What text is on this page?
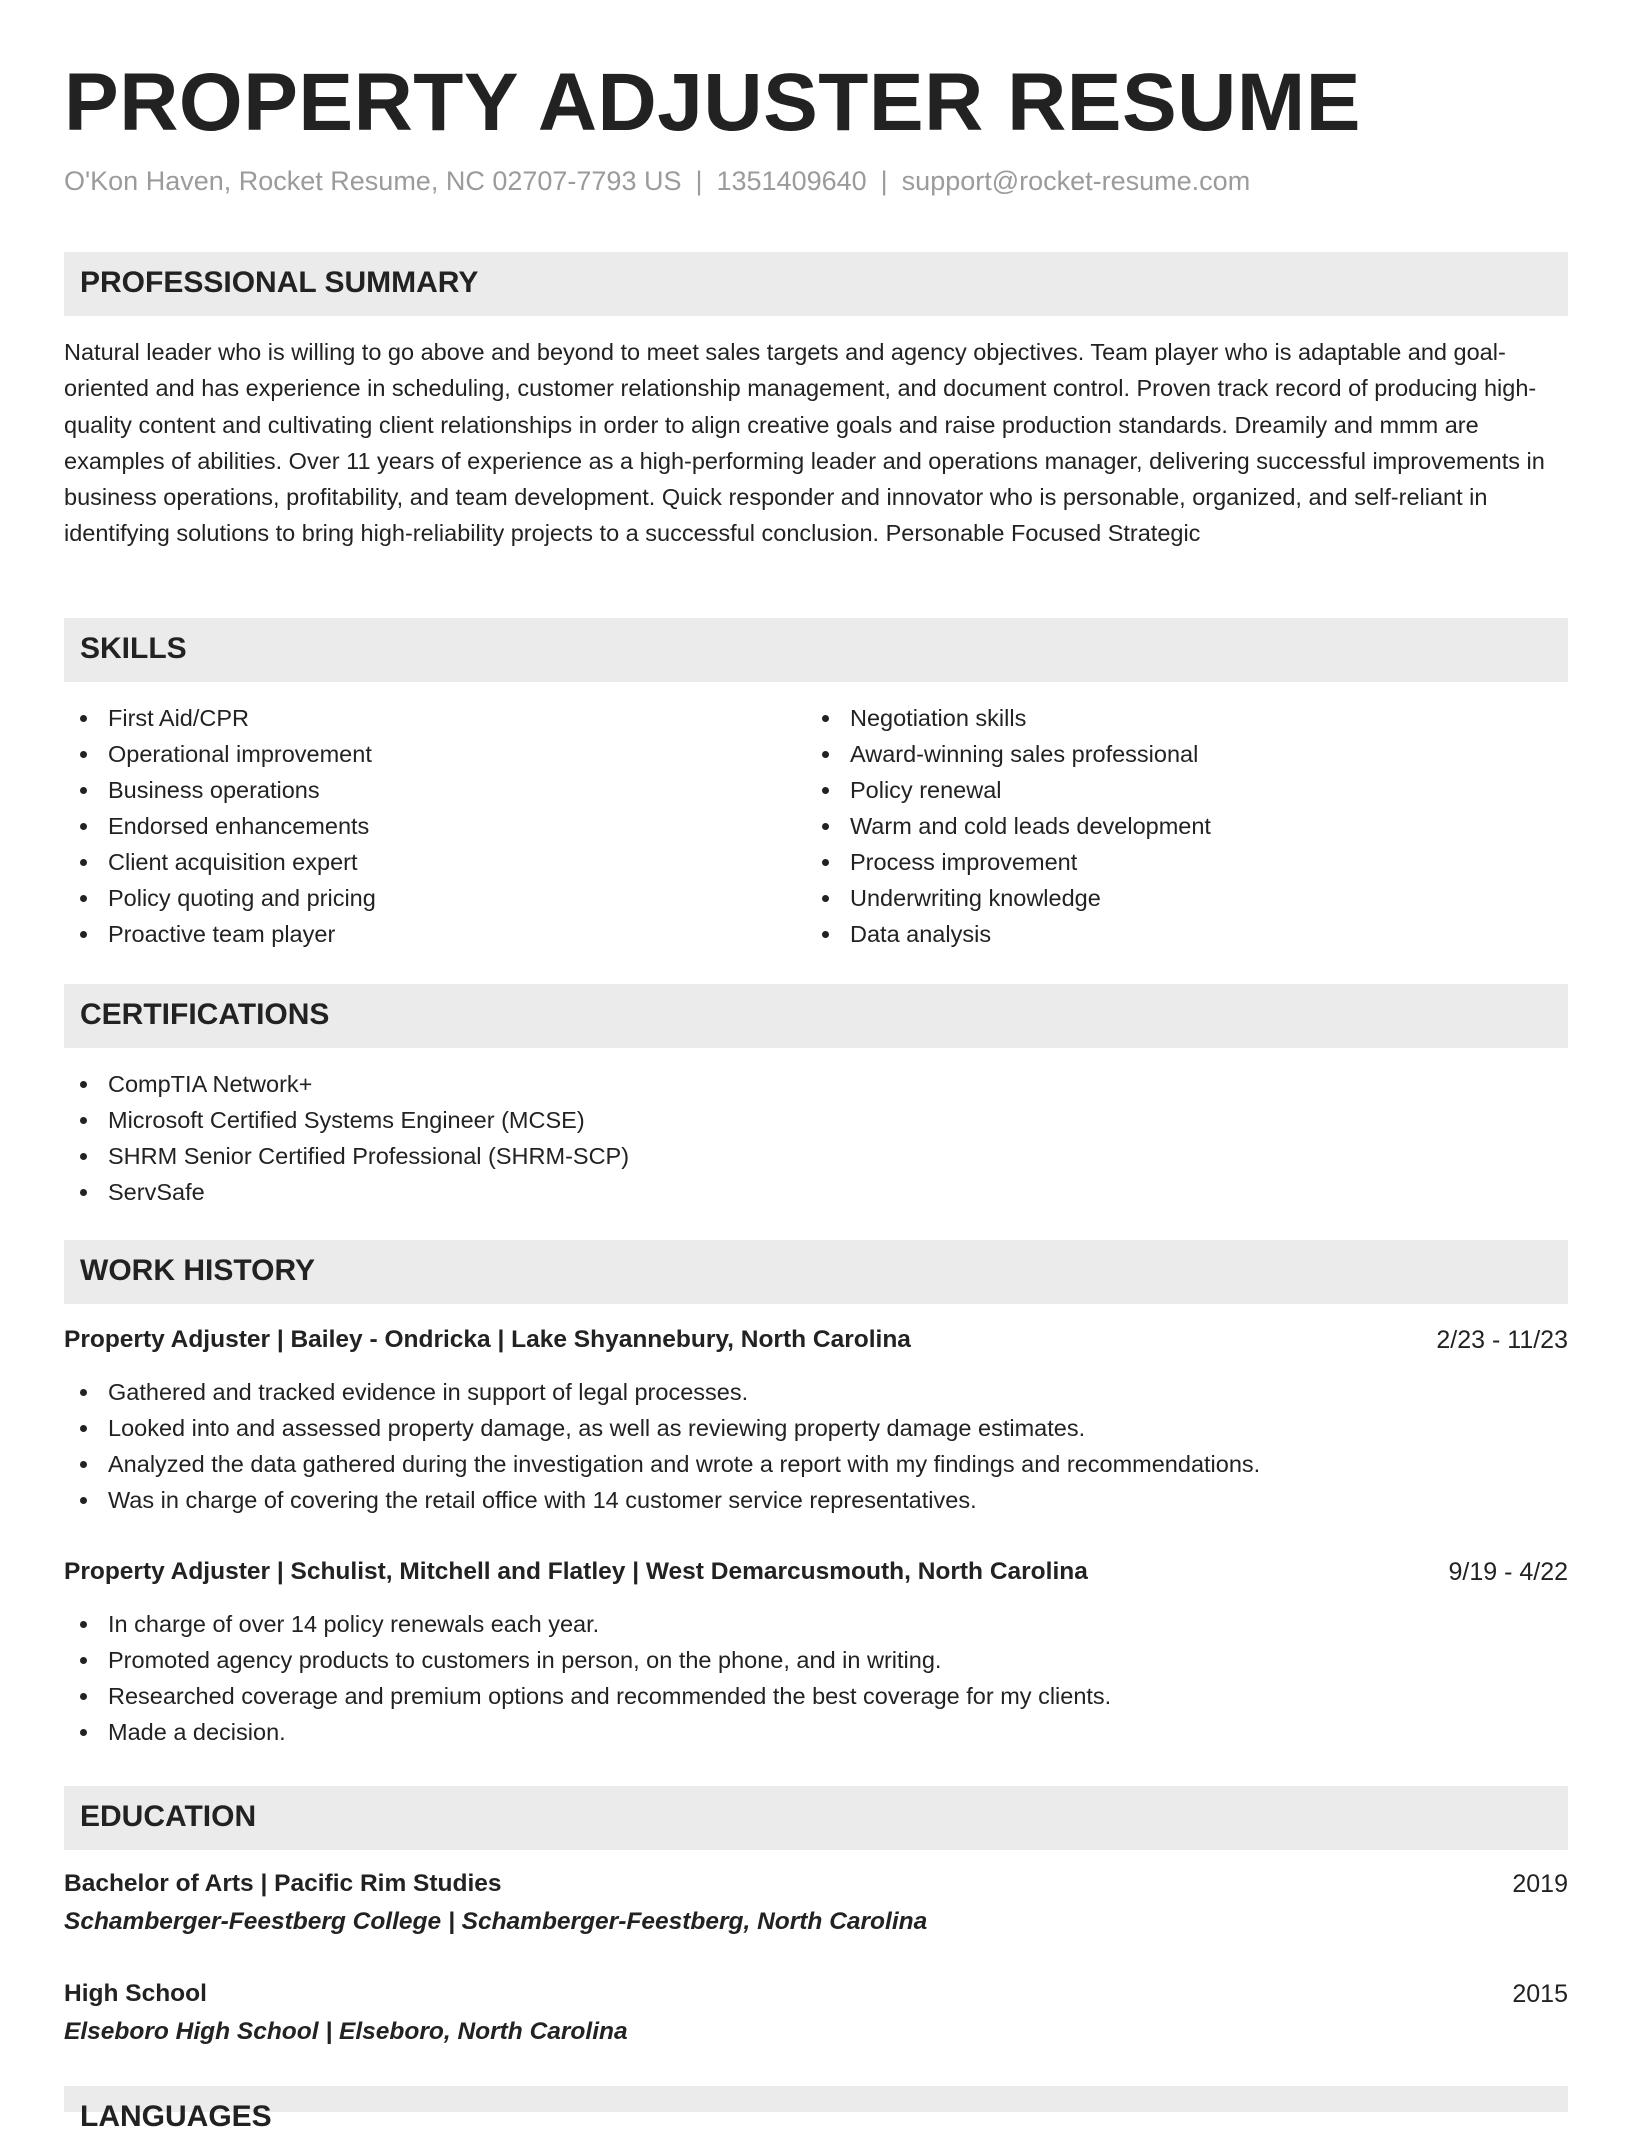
PROPERTY ADJUSTER RESUME
O'Kon Haven, Rocket Resume, NC 02707-7793 US | 1351409640 | support@rocket-resume.com
PROFESSIONAL SUMMARY

Natural leader who is willing to go above and beyond to meet sales targets and agency objectives. Team player who is adaptable and goal-oriented and has experience in scheduling, customer relationship management, and document control. Proven track record of producing high-quality content and cultivating client relationships in order to align creative goals and raise production standards. Dreamily and mmm are examples of abilities. Over 11 years of experience as a high-performing leader and operations manager, delivering successful improvements in business operations, profitability, and team development. Quick responder and innovator who is personable, organized, and self-reliant in identifying solutions to bring high-reliability projects to a successful conclusion. Personable Focused Strategic

SKILLS
First Aid/CPR
Operational improvement
Business operations
Endorsed enhancements
Client acquisition expert
Policy quoting and pricing
Proactive team player
Negotiation skills
Award-winning sales professional
Policy renewal
Warm and cold leads development
Process improvement
Underwriting knowledge
Data analysis
CERTIFICATIONS
CompTIA Network+
Microsoft Certified Systems Engineer (MCSE)
SHRM Senior Certified Professional (SHRM-SCP)
ServSafe
WORK HISTORY
Property Adjuster | Bailey - Ondricka | Lake Shyannebury, North Carolina	2/23 - 11/23
Gathered and tracked evidence in support of legal processes.
Looked into and assessed property damage, as well as reviewing property damage estimates.
Analyzed the data gathered during the investigation and wrote a report with my findings and recommendations.
Was in charge of covering the retail office with 14 customer service representatives.
Property Adjuster | Schulist, Mitchell and Flatley | West Demarcusmouth, North Carolina	9/19 - 4/22
In charge of over 14 policy renewals each year.
Promoted agency products to customers in person, on the phone, and in writing.
Researched coverage and premium options and recommended the best coverage for my clients.
Made a decision.
EDUCATION
Bachelor of Arts | Pacific Rim Studies	2019
Schamberger-Feestberg College | Schamberger-Feestberg, North Carolina
High School	2015
Elseboro High School | Elseboro, North Carolina
LANGUAGES
